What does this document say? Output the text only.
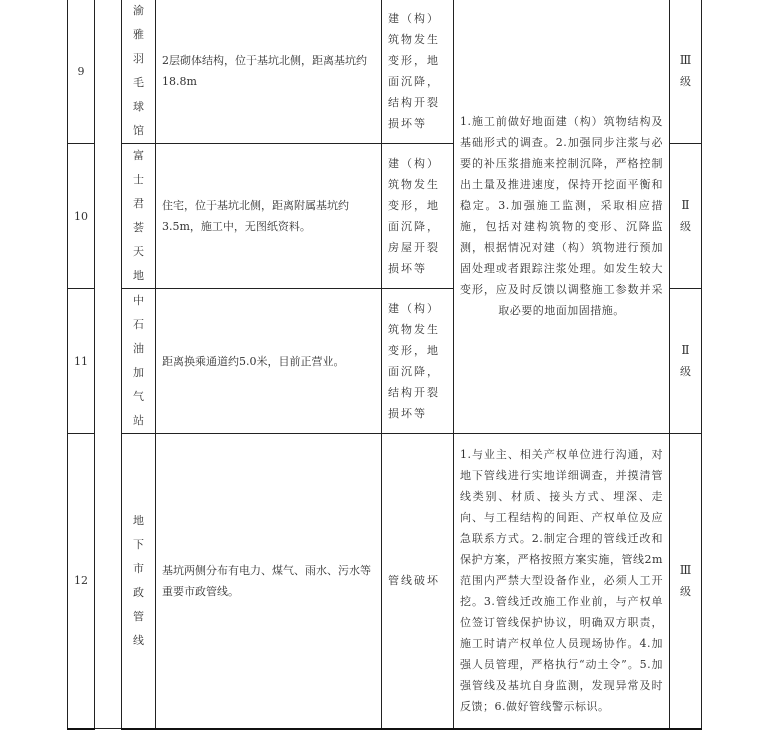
9		渝雅羽毛球馆	2层砌体结构，位于基坑北侧，距离基坑约18.8m	建（构）筑物发生变形，地面沉降，结构开裂损坏等	1.施工前做好地面建（构）筑物结构及基础形式的调查。2.加强同步注浆与必要的补压浆措施来控制沉降，严格控制出土量及推进速度，保持开挖面平衡和稳定。3.加强施工监测，采取相应措施，包括对建构筑物的变形、沉降监测，根据情况对建（构）筑物进行预加固处理或者跟踪注浆处理。如发生较大变形，应及时反馈以调整施工参数并采取必要的地面加固措施。	Ⅲ
级
10		富士君荟天地	住宅，位于基坑北侧，距离附属基坑约3.5m，施工中，无图纸资料。	建（构）筑物发生变形，地面沉降，房屋开裂损坏等		Ⅱ
级
11		中石油加气站	距离换乘通道约5.0米，目前正营业。	建（构）筑物发生变形，地面沉降，结构开裂损坏等		Ⅱ
级
12		地下市政管线	基坑两侧分布有电力、煤气、雨水、污水等重要市政管线。	管线破坏	1.与业主、相关产权单位进行沟通，对地下管线进行实地详细调查，并摸清管线类别、材质、接头方式、埋深、走向、与工程结构的间距、产权单位及应急联系方式。2.制定合理的管线迁改和保护方案，严格按照方案实施，管线2m范围内严禁大型设备作业，必须人工开挖。3.管线迁改施工作业前，与产权单位签订管线保护协议，明确双方职责，施工时请产权单位人员现场协作。4.加强人员管理，严格执行“动土令”。5.加强管线及基坑自身监测，发现异常及时反馈；6.做好管线警示标识。	Ⅲ
级
